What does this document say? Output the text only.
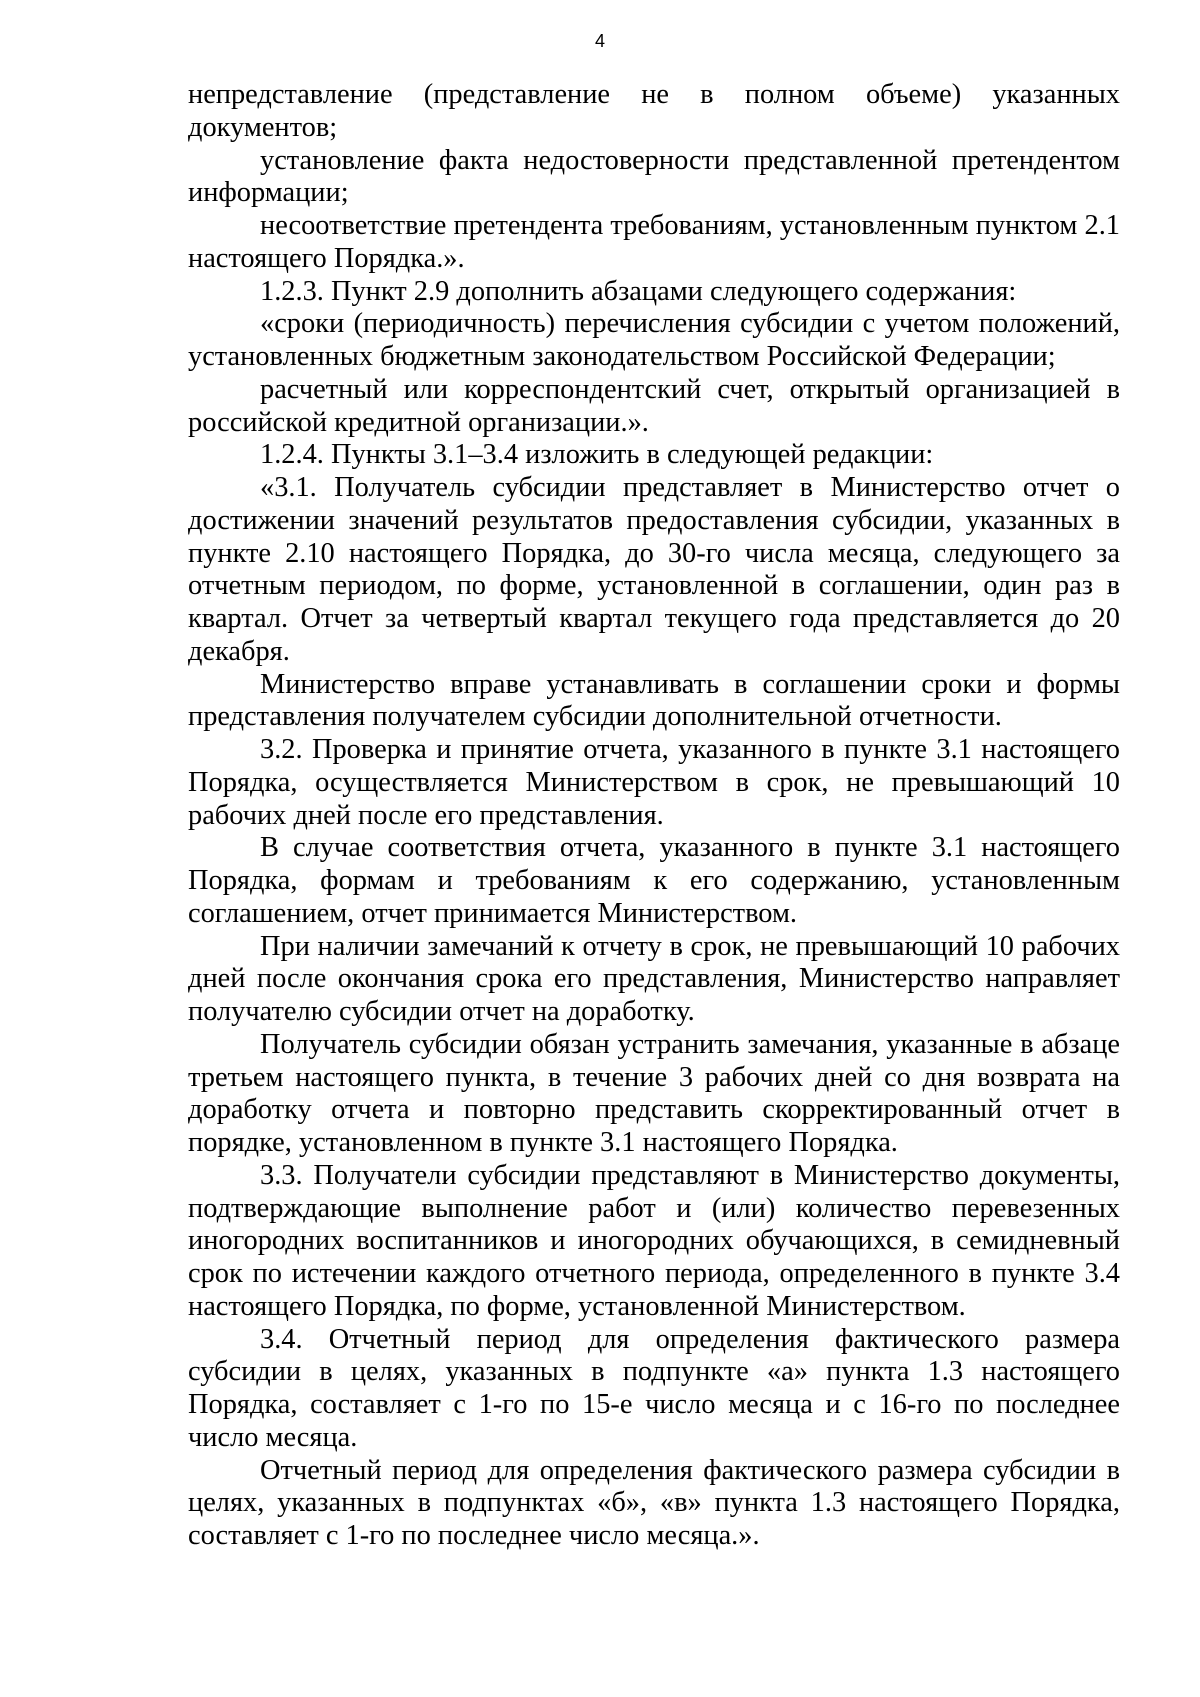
4

непредставление (представление не в полном объеме) указанных документов;

установление факта недостоверности представленной претендентом информации;

несоответствие претендента требованиям, установленным пунктом 2.1 настоящего Порядка.».

1.2.3. Пункт 2.9 дополнить абзацами следующего содержания:

«сроки (периодичность) перечисления субсидии с учетом положений, установленных бюджетным законодательством Российской Федерации;

расчетный или корреспондентский счет, открытый организацией в российской кредитной организации.».

1.2.4. Пункты 3.1–3.4 изложить в следующей редакции:

«3.1. Получатель субсидии представляет в Министерство отчет о достижении значений результатов предоставления субсидии, указанных в пункте 2.10 настоящего Порядка, до 30-го числа месяца, следующего за отчетным периодом, по форме, установленной в соглашении, один раз в квартал. Отчет за четвертый квартал текущего года представляется до 20 декабря.

Министерство вправе устанавливать в соглашении сроки и формы представления получателем субсидии дополнительной отчетности.

3.2. Проверка и принятие отчета, указанного в пункте 3.1 настоящего Порядка, осуществляется Министерством в срок, не превышающий 10 рабочих дней после его представления.

В случае соответствия отчета, указанного в пункте 3.1 настоящего Порядка, формам и требованиям к его содержанию, установленным соглашением, отчет принимается Министерством.

При наличии замечаний к отчету в срок, не превышающий 10 рабочих дней после окончания срока его представления, Министерство направляет получателю субсидии отчет на доработку.

Получатель субсидии обязан устранить замечания, указанные в абзаце третьем настоящего пункта, в течение 3 рабочих дней со дня возврата на доработку отчета и повторно представить скорректированный отчет в порядке, установленном в пункте 3.1 настоящего Порядка.

3.3. Получатели субсидии представляют в Министерство документы, подтверждающие выполнение работ и (или) количество перевезенных иногородних воспитанников и иногородних обучающихся, в семидневный срок по истечении каждого отчетного периода, определенного в пункте 3.4 настоящего Порядка, по форме, установленной Министерством.

3.4. Отчетный период для определения фактического размера субсидии в целях, указанных в подпункте «а» пункта 1.3 настоящего Порядка, составляет с 1-го по 15-е число месяца и с 16-го по последнее число месяца.

Отчетный период для определения фактического размера субсидии в целях, указанных в подпунктах «б», «в» пункта 1.3 настоящего Порядка, составляет с 1-го по последнее число месяца.».
